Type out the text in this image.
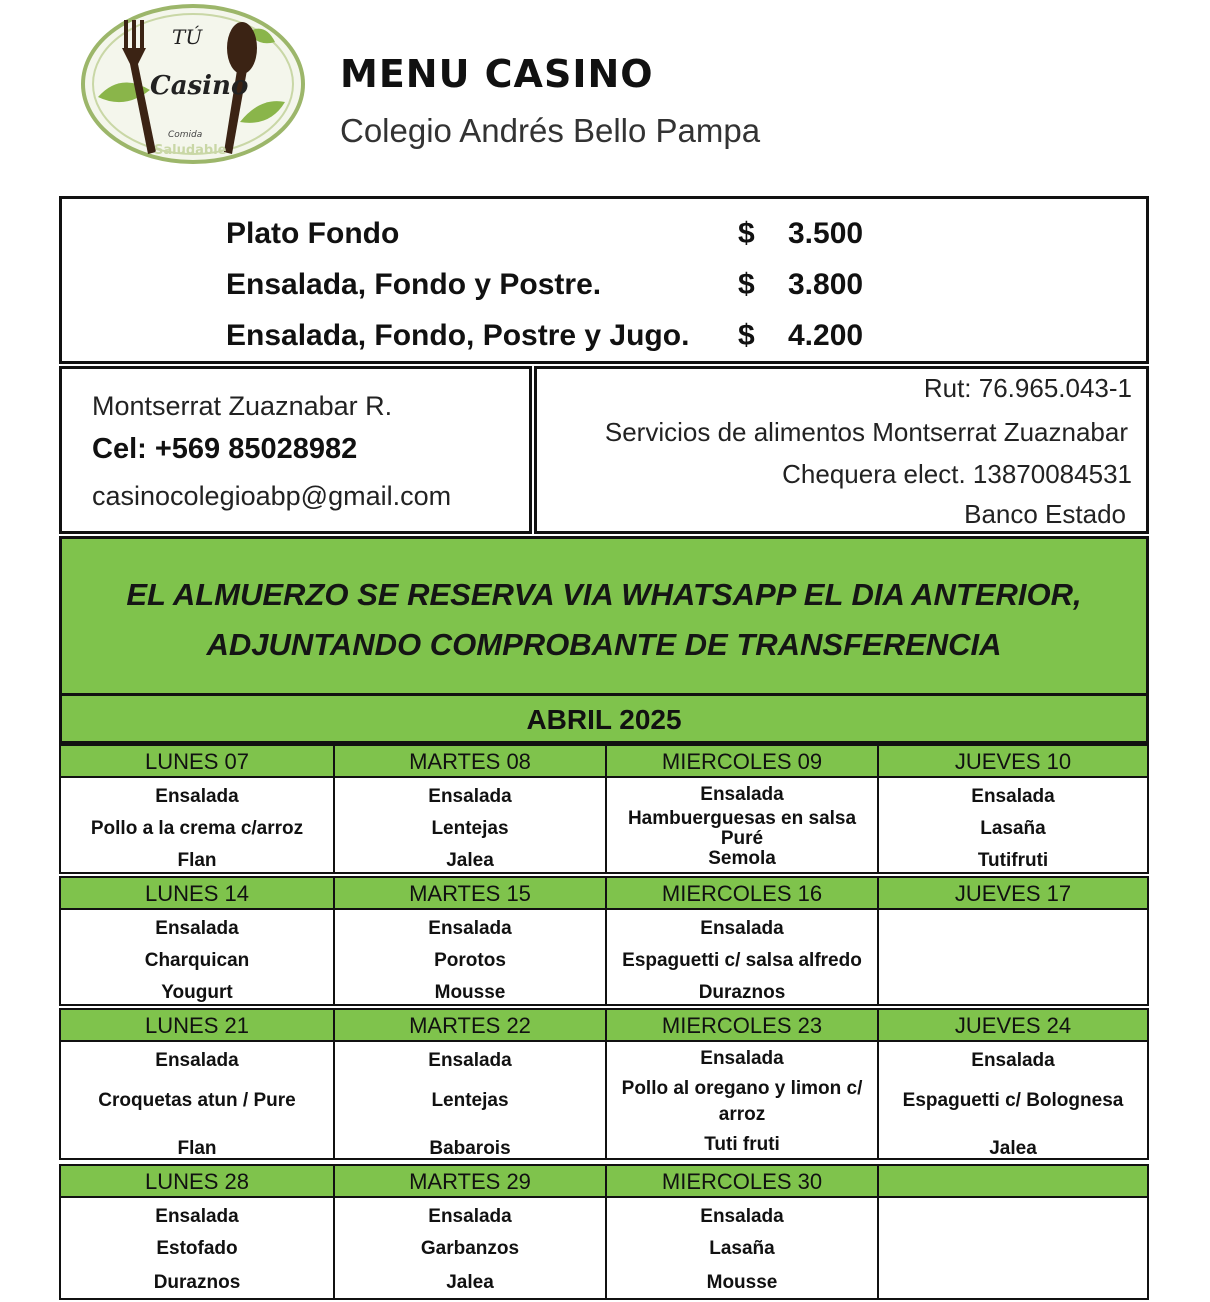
TÚ
Casino
Comida
Saludable
MENU CASINO
Colegio Andrés Bello Pampa
Plato Fondo	$ 3.500
Ensalada, Fondo y Postre.	$ 3.800
Ensalada, Fondo, Postre y Jugo. $ 4.200
Montserrat Zuaznabar R.
Cel: +569 85028982
casinocolegioabp@gmail.com
Rut: 76.965.043-1
Servicios de alimentos Montserrat Zuaznabar
Chequera elect. 13870084531
Banco Estado
EL ALMUERZO SE RESERVA VIA WHATSAPP EL DIA ANTERIOR,
ADJUNTANDO COMPROBANTE DE TRANSFERENCIA
ABRIL 2025
LUNES 07
Ensalada
Pollo a la crema c/arroz
Flan
MARTES 08
Ensalada
Lentejas
Jalea
MIERCOLES 09
Ensalada
Hambuerguesas en salsa
Puré
Semola
JUEVES 10
Ensalada
Lasaña
Tutifruti
LUNES 14
Ensalada
Charquican
Yougurt
MARTES 15
Ensalada
Porotos
Mousse
MIERCOLES 16
Ensalada
Espaguetti c/ salsa alfredo
Duraznos
JUEVES 17
LUNES 21
Ensalada
Croquetas atun / Pure
Flan
MARTES 22
Ensalada
Lentejas
Babarois
MIERCOLES 23
Ensalada
Pollo al oregano y limon c/
arroz
Tuti fruti
JUEVES 24
Ensalada
Espaguetti c/ Bolognesa
Jalea
LUNES 28
Ensalada
Estofado
Duraznos
MARTES 29
Ensalada
Garbanzos
Jalea
MIERCOLES 30
Ensalada
Lasaña
Mousse
